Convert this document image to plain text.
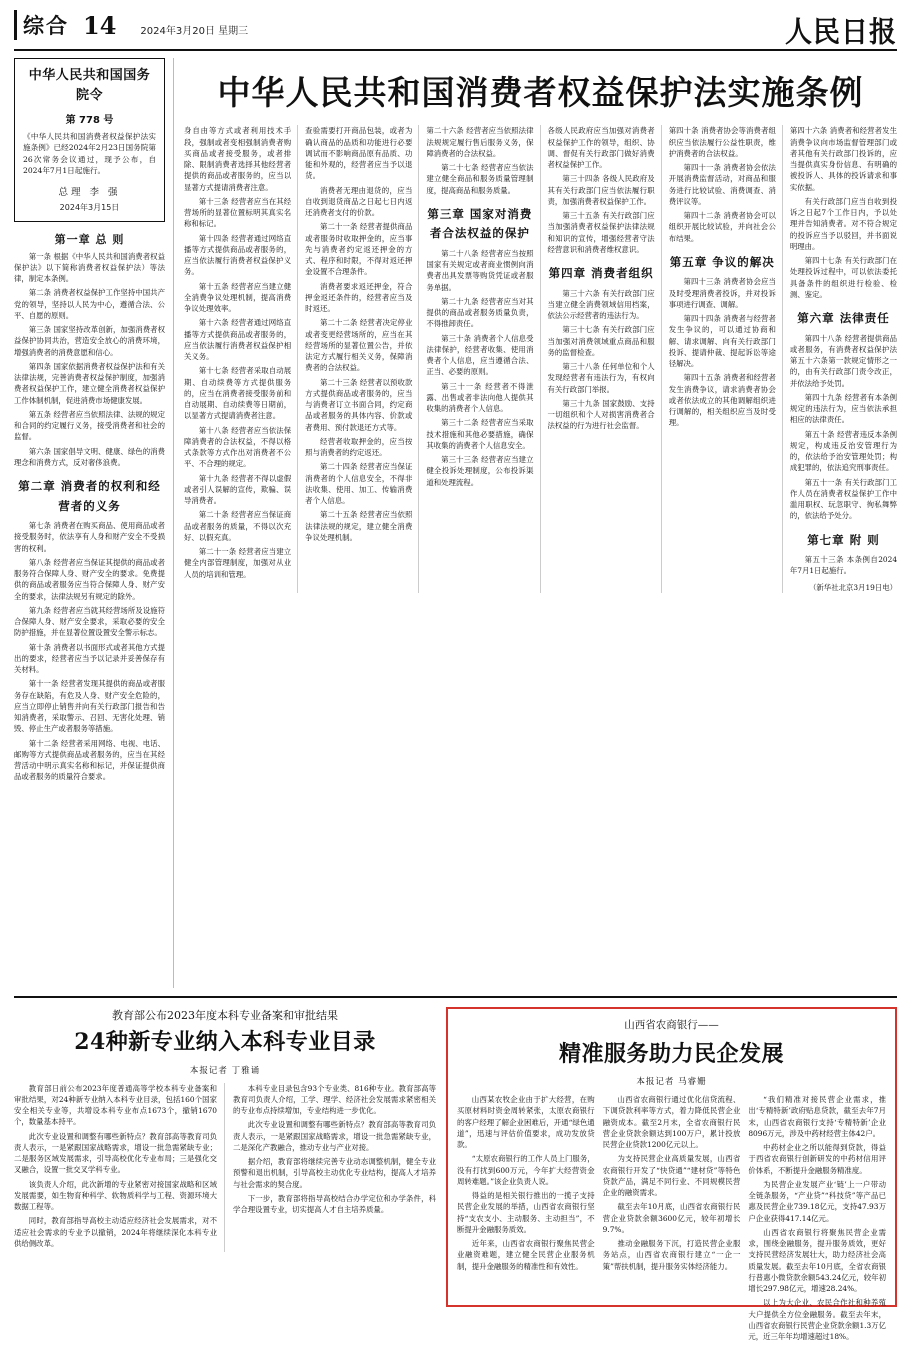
综合 14 2024年3月20日 星期三	人民日报
中华人民共和国国务院令
第 778 号
《中华人民共和国消费者权益保护法实施条例》已经2024年2月23日国务院第26次常务会议通过，现予公布，自2024年7月1日起施行。
总理 李 强
2024年3月15日
第一章 总 则

第一条 根据《中华人民共和国消费者权益保护法》以下简称消费者权益保护法）等法律，制定本条例。

第二条 消费者权益保护工作坚持中国共产党的领导，坚持以人民为中心，遵循合法、公平、自愿的原则。

第三条 国家坚持改革创新，加强消费者权益保护协同共治，营造安全放心的消费环境，增强消费者的消费意愿和信心。

第四条 国家依据消费者权益保护法和有关法律法规，完善消费者权益保护制度，加强消费者权益保护工作，建立健全消费者权益保护工作体制机制，促进消费市场健康发展。

第五条 经营者应当依照法律、法规的规定和合同的约定履行义务，接受消费者和社会的监督。

第六条 国家倡导文明、健康、绿色的消费理念和消费方式，反对奢侈浪费。

第二章 消费者的权利和经营者的义务

第七条 消费者在购买商品、使用商品或者接受服务时，依法享有人身和财产安全不受损害的权利。

第八条 经营者应当保证其提供的商品或者服务符合保障人身、财产安全的要求。免费提供的商品或者服务应当符合保障人身、财产安全的要求，法律法规另有规定的除外。

第九条 经营者应当就其经营场所及设施符合保障人身、财产安全要求，采取必要的安全防护措施，并在显著位置设置安全警示标志。

第十条 消费者以书面形式或者其他方式提出的要求，经营者应当予以记录并妥善保存有关材料。

第十一条 经营者发现其提供的商品或者服务存在缺陷，有危及人身、财产安全危险的，应当立即停止销售并向有关行政部门报告和告知消费者，采取警示、召回、无害化处理、销毁、停止生产或者服务等措施。

第十二条 经营者采用网络、电视、电话、邮购等方式提供商品或者服务的，应当在其经营活动中明示真实名称和标记，并保证提供商品或者服务的质量符合要求。

中华人民共和国消费者权益保护法实施条例

身自由等方式或者利用技术手段，强制或者变相强制消费者购买商品或者接受服务，或者排除、限制消费者选择其他经营者提供的商品或者服务的，应当以显著方式提请消费者注意。

第十三条 经营者应当在其经营场所的显著位置标明其真实名称和标记。

第十四条 经营者通过网络直播等方式提供商品或者服务的，应当依法履行消费者权益保护义务。

第十五条 经营者应当建立健全消费争议处理机制，提高消费争议处理效率。

第十六条 经营者通过网络直播等方式提供商品或者服务的，应当依法履行消费者权益保护相关义务。

第十七条 经营者采取自动展期、自动续费等方式提供服务的，应当在消费者接受服务前和自动展期、自动续费等日期前，以显著方式提请消费者注意。

第十八条 经营者应当依法保障消费者的合法权益，不得以格式条款等方式作出对消费者不公平、不合理的规定。

第十九条 经营者不得以虚假或者引人误解的宣传，欺骗、误导消费者。

第二十条 经营者应当保证商品或者服务的质量，不得以次充好、以假充真。

第二十一条 经营者应当建立健全内部管理制度，加强对从业人员的培训和管理。

查验需要打开商品包装，或者为确认商品的品质和功能进行必要调试而不影响商品原有品质、功能和外观的，经营者应当予以退货。

消费者无理由退货的，应当自收到退货商品之日起七日内返还消费者支付的价款。

第二十一条 经营者提供商品或者服务时收取押金的，应当事先与消费者约定返还押金的方式、程序和时限，不得对返还押金设置不合理条件。

消费者要求返还押金，符合押金返还条件的，经营者应当及时返还。

第二十二条 经营者决定停业或者变更经营场所的，应当在其经营场所的显著位置公告，并依法定方式履行相关义务，保障消费者的合法权益。

第二十三条 经营者以预收款方式提供商品或者服务的，应当与消费者订立书面合同，约定商品或者服务的具体内容、价款或者费用、预付款退还方式等。

经营者收取押金的，应当按照与消费者的约定返还。

第二十四条 经营者应当保证消费者的个人信息安全，不得非法收集、使用、加工、传输消费者个人信息。

第二十五条 经营者应当依照法律法规的规定，建立健全消费争议处理机制。

第二十六条 经营者应当依照法律法规规定履行售后服务义务，保障消费者的合法权益。

第二十七条 经营者应当依法建立健全商品和服务质量管理制度，提高商品和服务质量。

第三章 国家对消费者合法权益的保护

第二十八条 经营者应当按照国家有关规定或者商业惯例向消费者出具发票等购货凭证或者服务单据。

第二十九条 经营者应当对其提供的商品或者服务质量负责，不得推卸责任。

第三十条 消费者个人信息受法律保护，经营者收集、使用消费者个人信息，应当遵循合法、正当、必要的原则。

第三十一条 经营者不得泄露、出售或者非法向他人提供其收集的消费者个人信息。

第三十二条 经营者应当采取技术措施和其他必要措施，确保其收集的消费者个人信息安全。

第三十三条 经营者应当建立健全投诉处理制度，公布投诉渠道和处理流程。

各级人民政府应当加强对消费者权益保护工作的领导，组织、协调、督促有关行政部门做好消费者权益保护工作。

第三十四条 各级人民政府及其有关行政部门应当依法履行职责，加强消费者权益保护工作。

第三十五条 有关行政部门应当加强消费者权益保护法律法规和知识的宣传，增强经营者守法经营意识和消费者维权意识。

第四章 消费者组织

第三十六条 有关行政部门应当建立健全消费领域信用档案，依法公示经营者的违法行为。

第三十七条 有关行政部门应当加强对消费领域重点商品和服务的监督检查。

第三十八条 任何单位和个人发现经营者有违法行为，有权向有关行政部门举报。

第三十九条 国家鼓励、支持一切组织和个人对损害消费者合法权益的行为进行社会监督。

第四十条 消费者协会等消费者组织应当依法履行公益性职责，维护消费者的合法权益。

第四十一条 消费者协会依法开展消费监督活动，对商品和服务进行比较试验、消费调查、消费评议等。

第四十二条 消费者协会可以组织开展比较试验，并向社会公布结果。

第五章 争议的解决

第四十三条 消费者协会应当及时受理消费者投诉，并对投诉事项进行调查、调解。

第四十四条 消费者与经营者发生争议的，可以通过协商和解、请求调解、向有关行政部门投诉、提请仲裁、提起诉讼等途径解决。

第四十五条 消费者和经营者发生消费争议，请求消费者协会或者依法成立的其他调解组织进行调解的，相关组织应当及时受理。

第四十六条 消费者和经营者发生消费争议向市场监督管理部门或者其他有关行政部门投诉的，应当提供真实身份信息、有明确的被投诉人、具体的投诉请求和事实依据。

有关行政部门应当自收到投诉之日起7个工作日内，予以处理并告知消费者。对不符合规定的投诉应当予以驳回，并书面说明理由。

第四十七条 有关行政部门在处理投诉过程中，可以依法委托具备条件的组织进行检验、检测、鉴定。

第六章 法律责任

第四十八条 经营者提供商品或者服务，有消费者权益保护法第五十六条第一款规定情形之一的，由有关行政部门责令改正，并依法给予处罚。

第四十九条 经营者有本条例规定的违法行为，应当依法承担相应的法律责任。

第五十条 经营者违反本条例规定，构成违反治安管理行为的，依法给予治安管理处罚；构成犯罪的，依法追究刑事责任。

第五十一条 有关行政部门工作人员在消费者权益保护工作中滥用职权、玩忽职守、徇私舞弊的，依法给予处分。

第七章 附 则

第五十三条 本条例自2024年7月1日起施行。

（新华社北京3月19日电）
教育部公布2023年度本科专业备案和审批结果
24种新专业纳入本科专业目录
本报记者 丁雅诵

教育部日前公布2023年度普通高等学校本科专业备案和审批结果，对24种新专业纳入本科专业目录，包括160个国家安全相关专业等，共增设本科专业布点1673个，撤销1670个，数量基本持平。

此次专业设置和调整有哪些新特点？教育部高等教育司负责人表示，一是紧跟国家战略需求，增设一批急需紧缺专业；二是服务区域发展需求，引导高校优化专业布局；三是强化交叉融合，设置一批交叉学科专业。

该负责人介绍，此次新增的专业紧密对接国家战略和区域发展需要，如生物育种科学、软物质科学与工程、资源环境大数据工程等。

同时，教育部指导高校主动适应经济社会发展需求，对不适应社会需求的专业予以撤销，2024年将继续深化本科专业供给侧改革。

本科专业目录包含93个专业类、816种专业。教育部高等教育司负责人介绍，工学、理学、经济社会发展需求紧密相关的专业布点持续增加，专业结构进一步优化。

此次专业设置和调整有哪些新特点？教育部高等教育司负责人表示，一是紧跟国家战略需求，增设一批急需紧缺专业，二是深化产教融合，推动专业与产业对接。

据介绍，教育部将继续完善专业动态调整机制，健全专业预警和退出机制，引导高校主动优化专业结构，提高人才培养与社会需求的契合度。

下一步，教育部将指导高校结合办学定位和办学条件，科学合理设置专业，切实提高人才自主培养质量。

山西省农商银行——
精准服务助力民企发展
本报记者 马睿姗

山西某农牧企业由于扩大经营，在购买原材料时资金周转紧张，太原农商银行的客户经理了解企业困难后，开通“绿色通道”，迅速与评估价值要求，成功发放贷款。

“太原农商银行的工作人员上门服务，没有打扰到600万元，今年扩大经营资金周转难题。”该企业负责人说。

得益的是相关银行推出的一揽子支持民营企业发展的举措，山西省农商银行坚持“支农支小、主动服务、主动担当”，不断提升金融服务质效。

近年来，山西省农商银行聚焦民营企业融资难题，建立健全民营企业服务机制，提升金融服务的精准性和有效性。

山西省农商银行通过优化信贷流程、下调贷款利率等方式，着力降低民营企业融资成本。截至2月末，全省农商银行民营企业贷款余额达到100万户，累计投放民营企业贷款1200亿元以上。

为支持民营企业高质量发展，山西省农商银行开发了“快贷通”“建材贷”等特色贷款产品，满足不同行业、不同规模民营企业的融资需求。

截至去年10月底，山西省农商银行民营企业贷款余额3600亿元，较年初增长9.7%。

推动金融服务下沉，打造民营企业服务站点，山西省农商银行建立“一企一策”帮扶机制，提升服务实体经济能力。

“我们精准对接民营企业需求，推出‘专精特新’政府贴息贷款，截至去年7月末，山西省农商银行支持‘专精特新’企业8096万元，涉及中药材经营主体42户。

中药材企业之所以能得到贷款，得益于西省农商银行创新研发的中药材信用评价体系，不断提升金融服务精准度。

为民营企业发展产业‘链’上一户带动全链条服务，“产业贷”“科技贷”等产品已惠及民营企业739.18亿元，支持47.93万户企业获得417.14亿元。

山西省农商银行将聚焦民营企业需求，围绕金融服务，提升服务质效，更好支持民营经济发展壮大，助力经济社会高质量发展。截至去年10月底，全省农商银行普惠小微贷款余额543.24亿元，较年初增长297.98亿元，增速28.24%。

以上为大企业、农民合作社和种养殖大户提供全方位金融服务。截至去年末，山西省农商银行民营企业贷款余额1.3万亿元，近三年年均增速超过18%。
